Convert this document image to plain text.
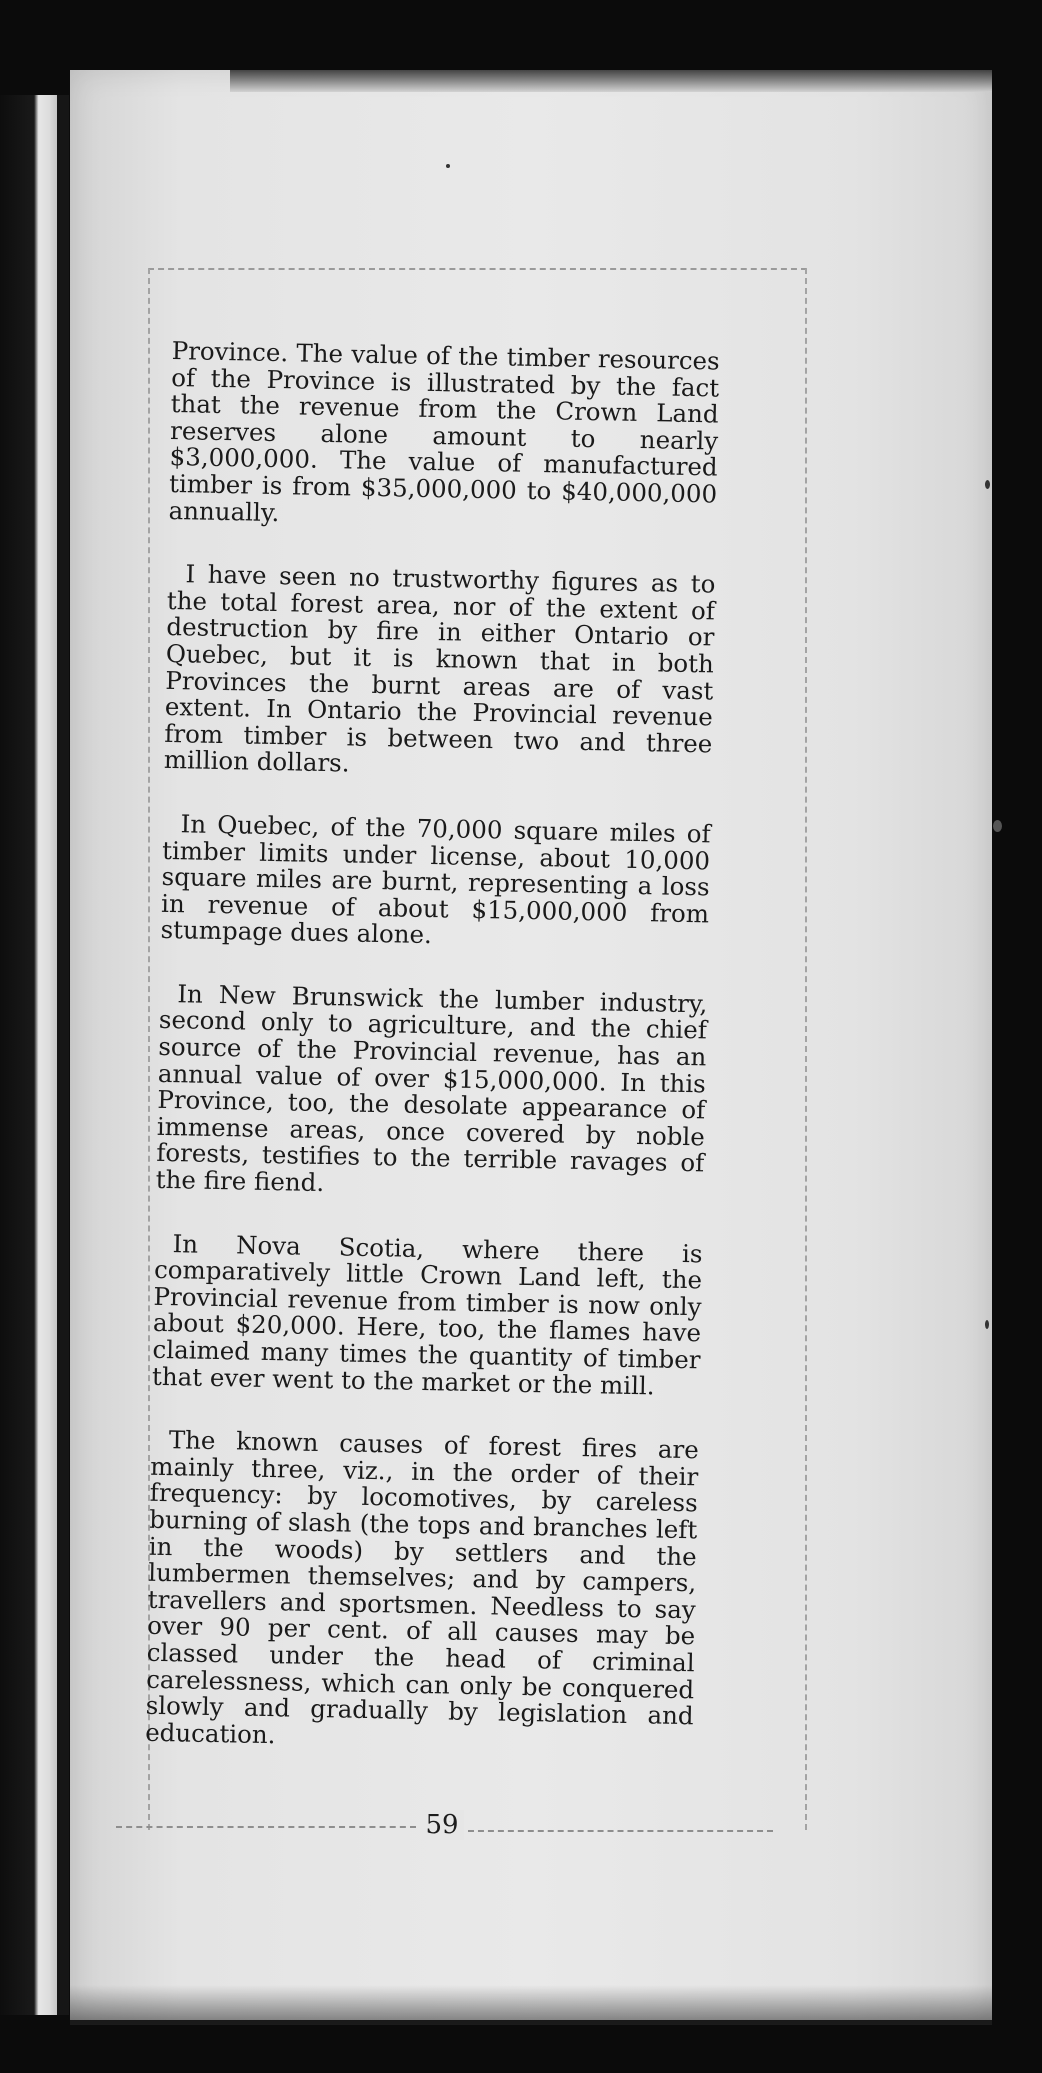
Province. The value of the timber resources of the Province is illustrated by the fact that the revenue from the Crown Land reserves alone amount to nearly $3,000,000. The value of manufactured timber is from $35,000,000 to $40,000,000 annually.

I have seen no trustworthy figures as to the total forest area, nor of the extent of destruction by fire in either Ontario or Quebec, but it is known that in both Provinces the burnt areas are of vast extent. In Ontario the Provincial revenue from timber is between two and three million dollars.

In Quebec, of the 70,000 square miles of timber limits under license, about 10,000 square miles are burnt, representing a loss in revenue of about $15,000,000 from stumpage dues alone.

In New Brunswick the lumber industry, second only to agriculture, and the chief source of the Provincial revenue, has an annual value of over $15,000,000. In this Province, too, the desolate appearance of immense areas, once covered by noble forests, testifies to the terrible ravages of the fire fiend.

In Nova Scotia, where there is comparatively little Crown Land left, the Provincial revenue from timber is now only about $20,000. Here, too, the flames have claimed many times the quantity of timber that ever went to the market or the mill.

The known causes of forest fires are mainly three, viz., in the order of their frequency: by locomotives, by careless burning of slash (the tops and branches left in the woods) by settlers and the lumbermen themselves; and by campers, travellers and sportsmen. Needless to say over 90 per cent. of all causes may be classed under the head of criminal carelessness, which can only be conquered slowly and gradually by legislation and education.

59
